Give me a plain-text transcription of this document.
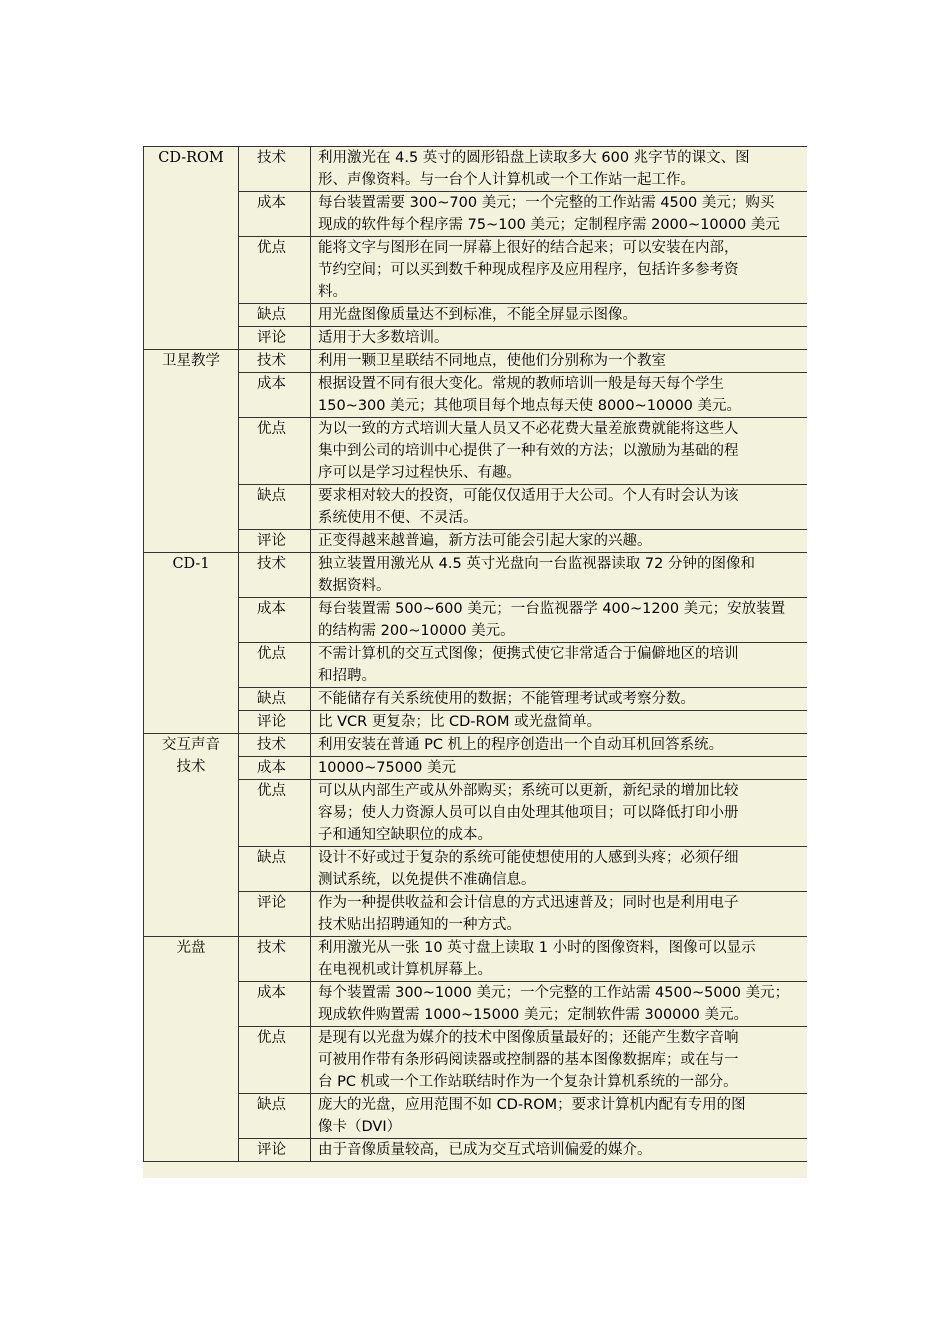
CD-ROM	技术	利用激光在 4.5 英寸的圆形铅盘上读取多大 600 兆字节的课文、图
形、声像资料。与一台个人计算机或一个工作站一起工作。

	成本	每台装置需要 300~700 美元；一个完整的工作站需 4500 美元；购买
现成的软件每个程序需 75~100 美元；定制程序需 2000~10000 美元

	优点	能将文字与图形在同一屏幕上很好的结合起来；可以安装在内部，
节约空间；可以买到数千种现成程序及应用程序，包括许多参考资
料。

	缺点	用光盘图像质量达不到标准，不能全屏显示图像。

	评论	适用于大多数培训。

卫星教学	技术	利用一颗卫星联结不同地点，使他们分别称为一个教室

	成本	根据设置不同有很大变化。常规的教师培训一般是每天每个学生
150~300 美元；其他项目每个地点每天使 8000~10000 美元。

	优点	为以一致的方式培训大量人员又不必花费大量差旅费就能将这些人
集中到公司的培训中心提供了一种有效的方法；以激励为基础的程
序可以是学习过程快乐、有趣。

	缺点	要求相对较大的投资，可能仅仅适用于大公司。个人有时会认为该
系统使用不便、不灵活。

	评论	正变得越来越普遍，新方法可能会引起大家的兴趣。

CD-1	技术	独立装置用激光从 4.5 英寸光盘向一台监视器读取 72 分钟的图像和
数据资料。

	成本	每台装置需 500~600 美元；一台监视器学 400~1200 美元；安放装置
的结构需 200~10000 美元。

	优点	不需计算机的交互式图像；便携式使它非常适合于偏僻地区的培训
和招聘。

	缺点	不能储存有关系统使用的数据；不能管理考试或考察分数。

	评论	比 VCR 更复杂；比 CD-ROM 或光盘简单。

交互声音
技术	技术	利用安装在普通 PC 机上的程序创造出一个自动耳机回答系统。

	成本	10000~75000 美元

	优点	可以从内部生产或从外部购买；系统可以更新，新纪录的增加比较
容易；使人力资源人员可以自由处理其他项目；可以降低打印小册
子和通知空缺职位的成本。

	缺点	设计不好或过于复杂的系统可能使想使用的人感到头疼；必须仔细
测试系统，以免提供不准确信息。

	评论	作为一种提供收益和会计信息的方式迅速普及；同时也是利用电子
技术贴出招聘通知的一种方式。

光盘	技术	利用激光从一张 10 英寸盘上读取 1 小时的图像资料，图像可以显示
在电视机或计算机屏幕上。

	成本	每个装置需 300~1000 美元；一个完整的工作站需 4500~5000 美元；
现成软件购置需 1000~15000 美元；定制软件需 300000 美元。

	优点	是现有以光盘为媒介的技术中图像质量最好的；还能产生数字音响
可被用作带有条形码阅读器或控制器的基本图像数据库；或在与一
台 PC 机或一个工作站联结时作为一个复杂计算机系统的一部分。

	缺点	庞大的光盘，应用范围不如 CD-ROM；要求计算机内配有专用的图
像卡（DVI）

	评论	由于音像质量较高，已成为交互式培训偏爱的媒介。
